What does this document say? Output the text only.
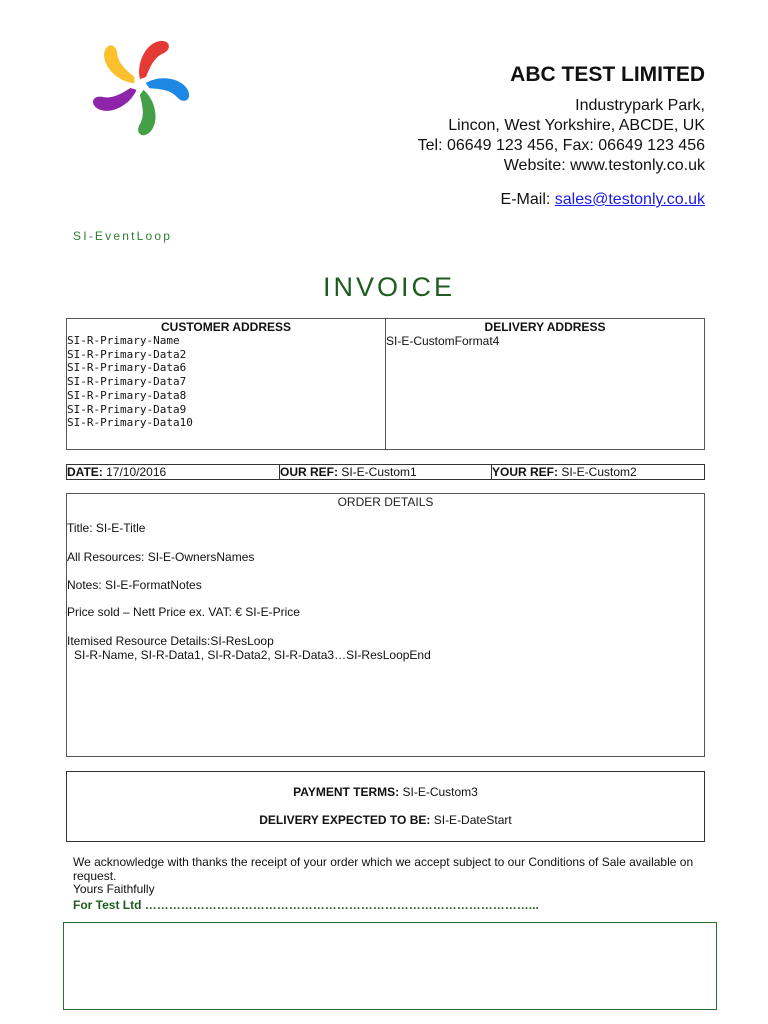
ABC TEST LIMITED
Industrypark Park,
Lincon, West Yorkshire, ABCDE, UK
Tel: 06649 123 456, Fax: 06649 123 456
Website: www.testonly.co.uk
E-Mail: sales@testonly.co.uk
SI-EventLoop
INVOICE
CUSTOMER ADDRESS
SI-R-Primary-Name
SI-R-Primary-Data2
SI-R-Primary-Data6
SI-R-Primary-Data7
SI-R-Primary-Data8
SI-R-Primary-Data9
SI-R-Primary-Data10
DELIVERY ADDRESS
SI-E-CustomFormat4
DATE: 17/10/2016	OUR REF: SI-E-Custom1	YOUR REF: SI-E-Custom2
ORDER DETAILS
Title: SI-E-Title
All Resources: SI-E-OwnersNames
Notes: SI-E-FormatNotes
Price sold – Nett Price ex. VAT: € SI-E-Price
Itemised Resource Details:SI-ResLoop
SI-R-Name, SI-R-Data1, SI-R-Data2, SI-R-Data3…SI-ResLoopEnd
PAYMENT TERMS: SI-E-Custom3
DELIVERY EXPECTED TO BE: SI-E-DateStart
We acknowledge with thanks the receipt of your order which we accept subject to our Conditions of Sale available on request.
Yours Faithfully
For Test Ltd ……………………………………………………………………………………...
